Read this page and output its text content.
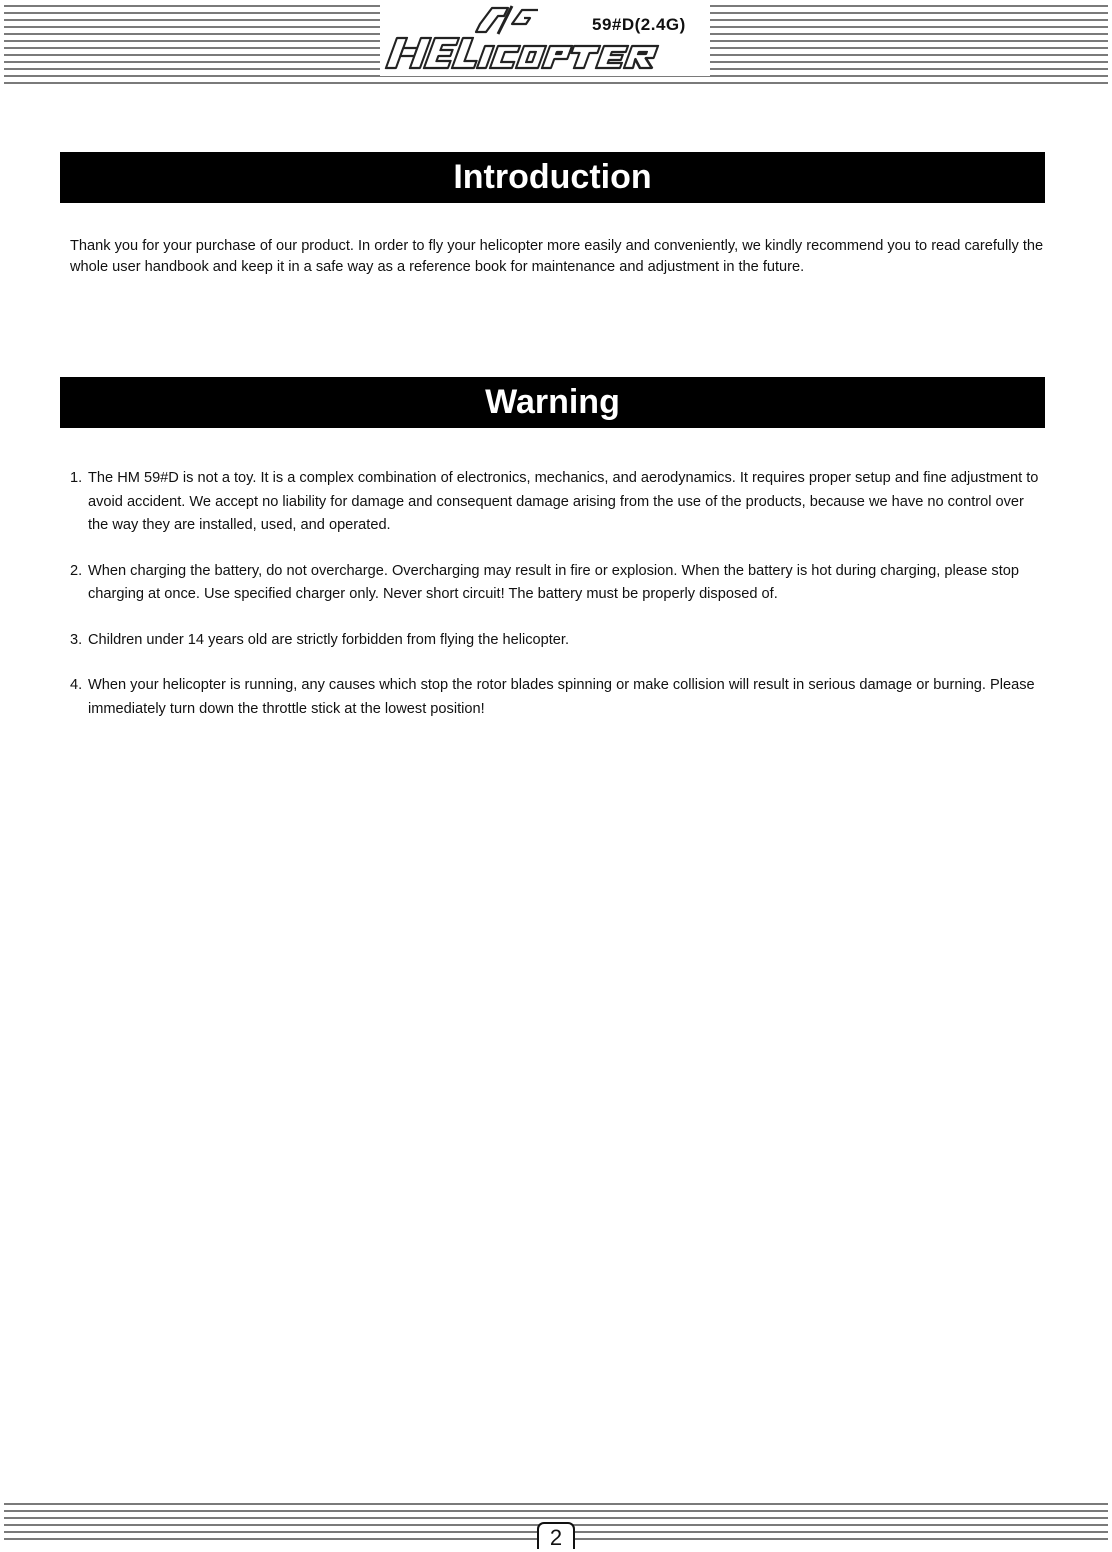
59#D(2.4G)
Introduction

Thank you for your purchase of our product. In order to fly your helicopter more easily and conveniently, we kindly recommend you to read carefully the whole user handbook and keep it in a safe way as a reference book for maintenance and adjustment in the future.

Warning
1. The HM 59#D is not a toy. It is a complex combination of electronics, mechanics, and aerodynamics. It requires proper setup and fine adjustment to avoid accident. We accept no liability for damage and consequent damage arising from the use of the products, because we have no control over the way they are installed, used, and operated.
2. When charging the battery, do not overcharge. Overcharging may result in fire or explosion. When the battery is hot during charging, please stop charging at once. Use specified charger only. Never short circuit! The battery must be properly disposed of.
3. Children under 14 years old are strictly forbidden from flying the helicopter.
4. When your helicopter is running, any causes which stop the rotor blades spinning or make collision will result in serious damage or burning. Please immediately turn down the throttle stick at the lowest position!
2
